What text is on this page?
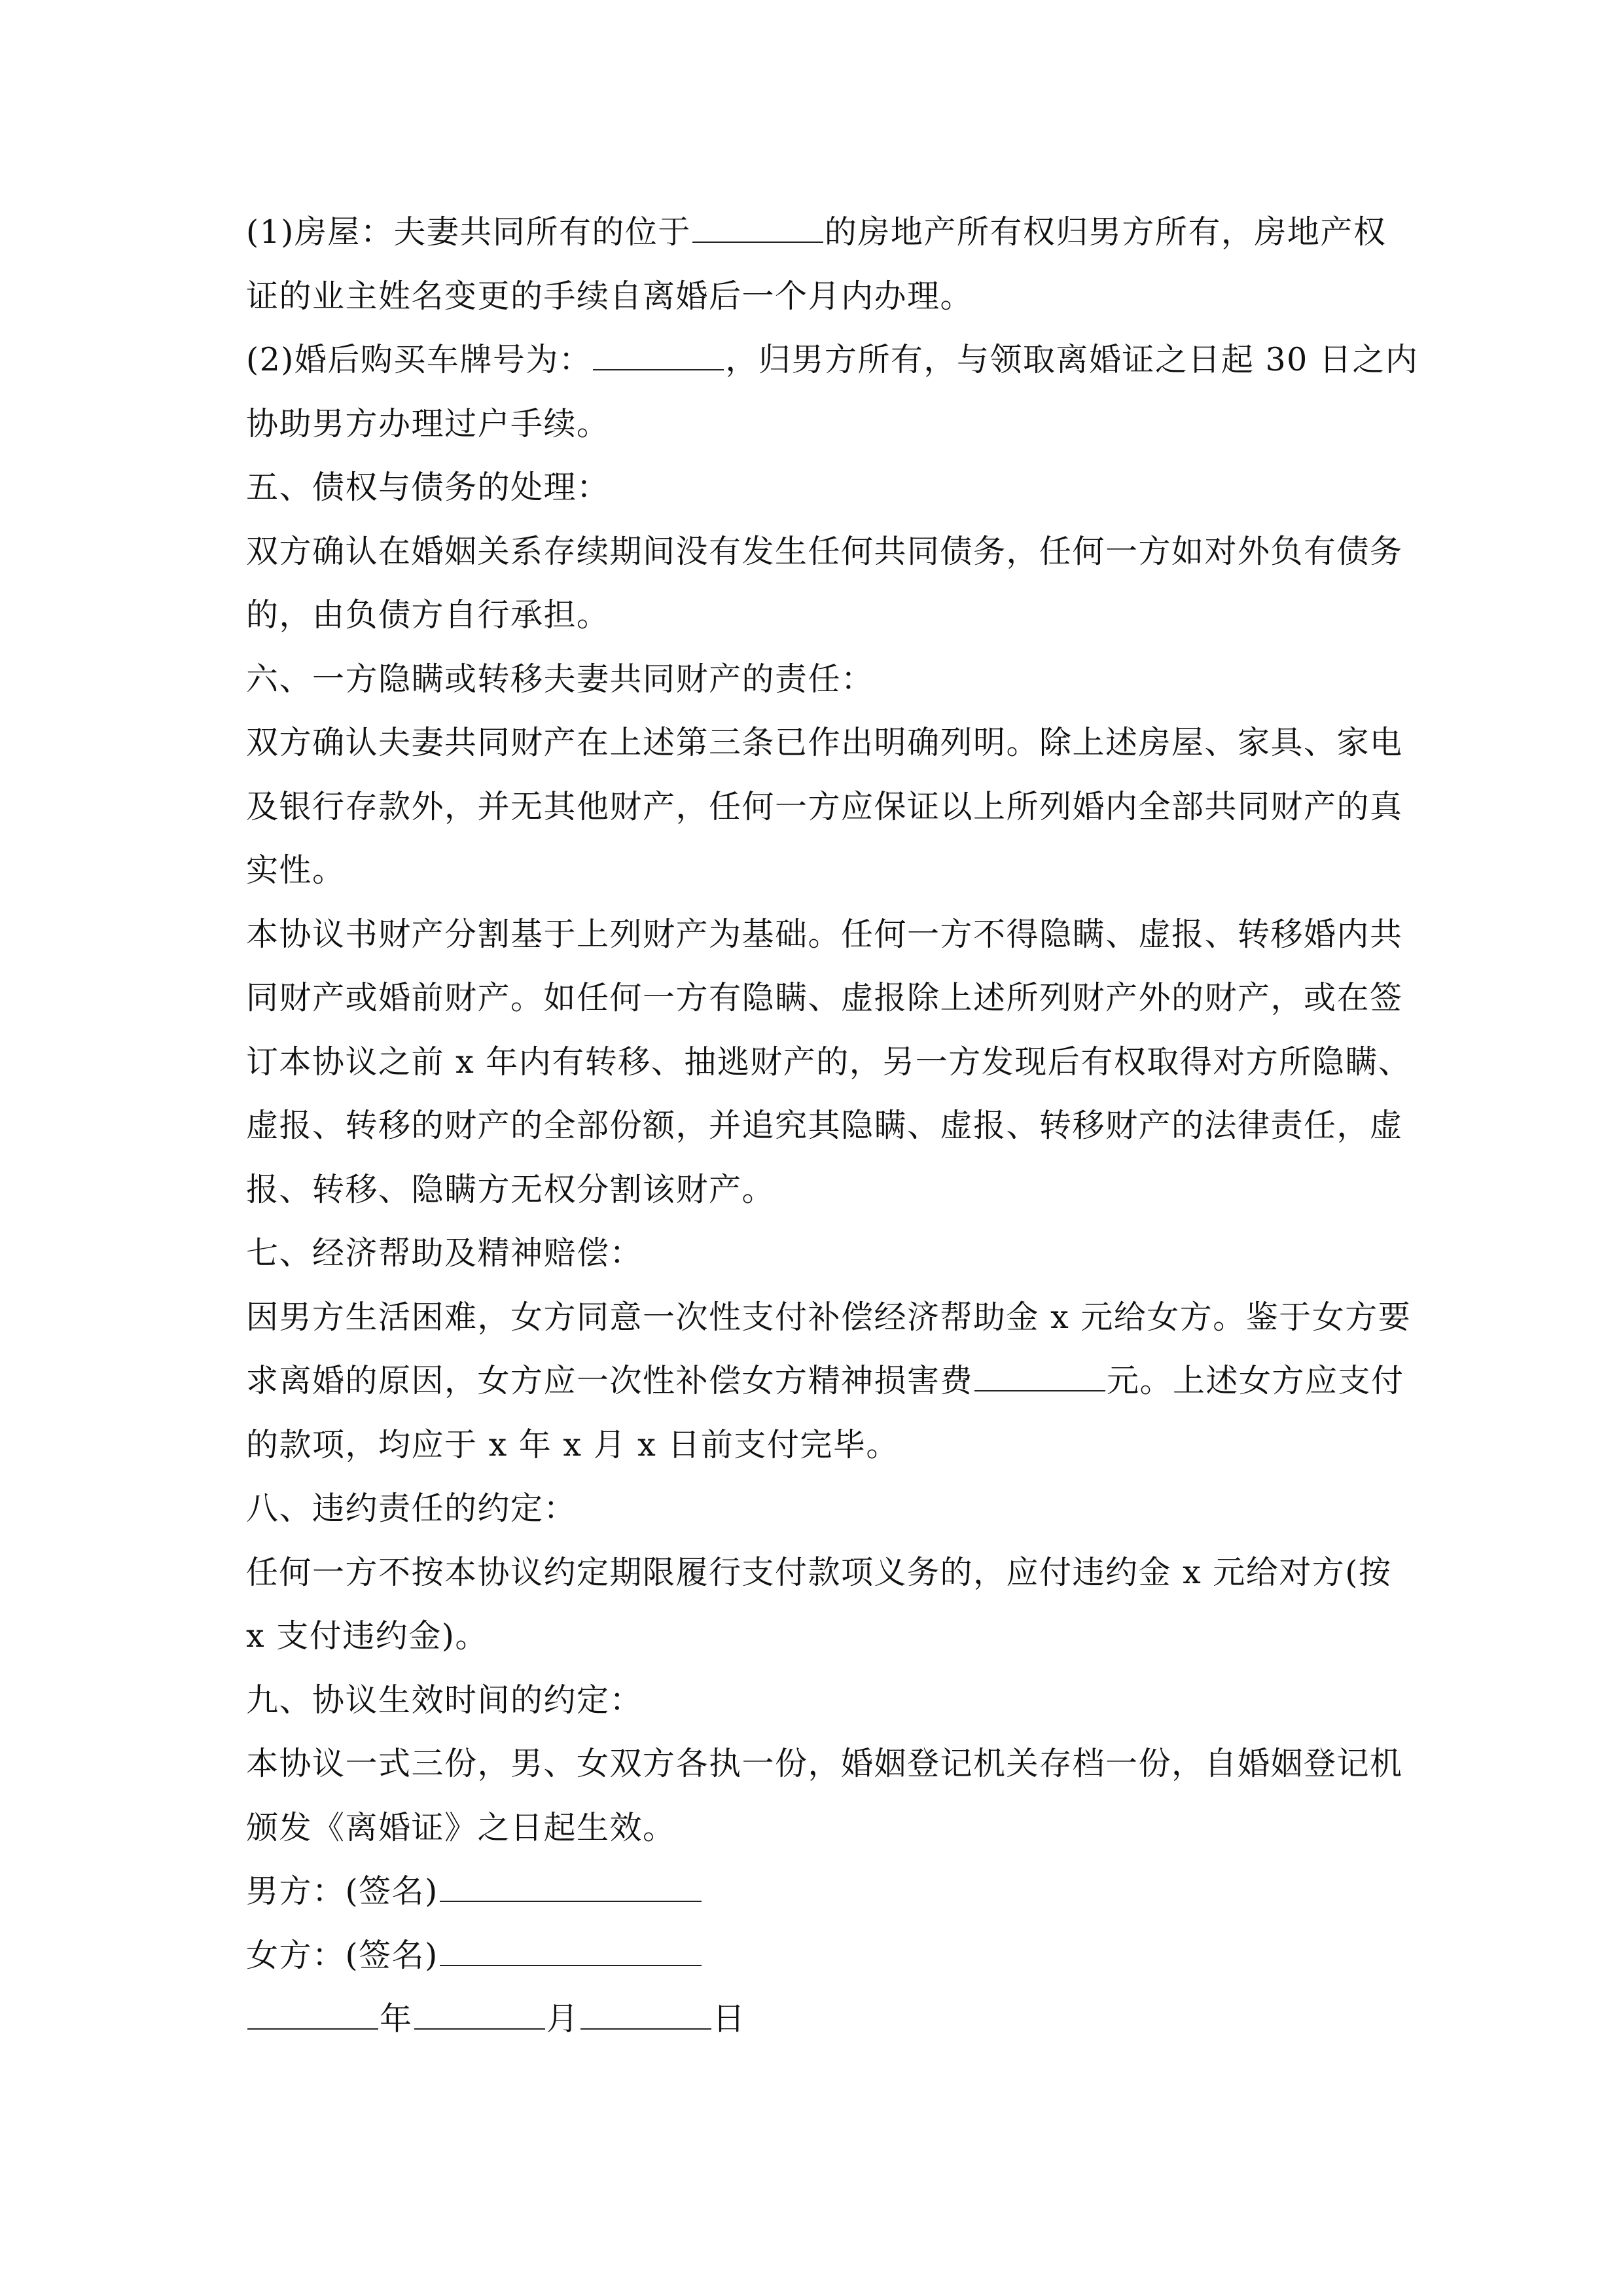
(1)房屋：夫妻共同所有的位于	的房地产所有权归男方所有，房地产权
证的业主姓名变更的手续自离婚后一个月内办理。
(2)婚后购买车牌号为：	，归男方所有，与领取离婚证之日起 30 日之内
协助男方办理过户手续。
五、债权与债务的处理：
双方确认在婚姻关系存续期间没有发生任何共同债务，任何一方如对外负有债务
的，由负债方自行承担。
六、一方隐瞒或转移夫妻共同财产的责任：
双方确认夫妻共同财产在上述第三条已作出明确列明。除上述房屋、家具、家电
及银行存款外，并无其他财产，任何一方应保证以上所列婚内全部共同财产的真
实性。
本协议书财产分割基于上列财产为基础。任何一方不得隐瞒、虚报、转移婚内共
同财产或婚前财产。如任何一方有隐瞒、虚报除上述所列财产外的财产，或在签
订本协议之前 x 年内有转移、抽逃财产的，另一方发现后有权取得对方所隐瞒、
虚报、转移的财产的全部份额，并追究其隐瞒、虚报、转移财产的法律责任，虚
报、转移、隐瞒方无权分割该财产。
七、经济帮助及精神赔偿：
因男方生活困难，女方同意一次性支付补偿经济帮助金 x 元给女方。鉴于女方要
求离婚的原因，女方应一次性补偿女方精神损害费	元。上述女方应支付
的款项，均应于 x 年 x 月 x 日前支付完毕。
八、违约责任的约定：
任何一方不按本协议约定期限履行支付款项义务的，应付违约金 x 元给对方(按
x 支付违约金)。
九、协议生效时间的约定：
本协议一式三份，男、女双方各执一份，婚姻登记机关存档一份，自婚姻登记机
颁发《离婚证》之日起生效。
男方：(签名)
女方：(签名)
年	月	日
